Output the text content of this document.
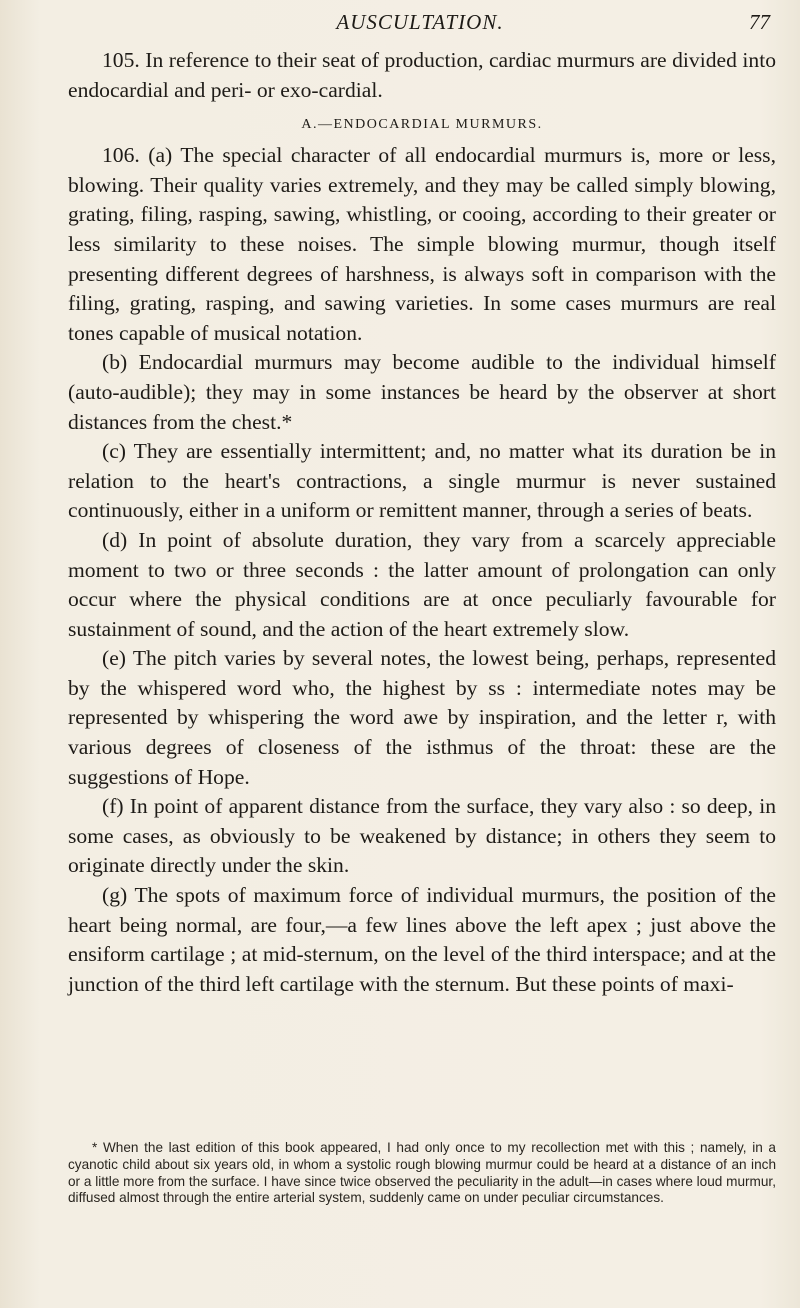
AUSCULTATION.	77

105. In reference to their seat of production, cardiac murmurs are divided into endocardial and peri- or exo-cardial.

A.—ENDOCARDIAL MURMURS.

106. (a) The special character of all endocardial murmurs is, more or less, blowing. Their quality varies extremely, and they may be called simply blowing, grating, filing, rasping, sawing, whistling, or cooing, according to their greater or less similarity to these noises. The simple blowing murmur, though itself presenting different degrees of harshness, is always soft in comparison with the filing, grating, rasping, and sawing varieties. In some cases murmurs are real tones capable of musical notation.

(b) Endocardial murmurs may become audible to the individual himself (auto-audible); they may in some instances be heard by the observer at short distances from the chest.*

(c) They are essentially intermittent; and, no matter what its duration be in relation to the heart's contractions, a single murmur is never sustained continuously, either in a uniform or remittent manner, through a series of beats.

(d) In point of absolute duration, they vary from a scarcely appreciable moment to two or three seconds : the latter amount of prolongation can only occur where the physical conditions are at once peculiarly favourable for sustainment of sound, and the action of the heart extremely slow.

(e) The pitch varies by several notes, the lowest being, perhaps, represented by the whispered word who, the highest by ss : intermediate notes may be represented by whispering the word awe by inspiration, and the letter r, with various degrees of closeness of the isthmus of the throat: these are the suggestions of Hope.

(f) In point of apparent distance from the surface, they vary also : so deep, in some cases, as obviously to be weakened by distance; in others they seem to originate directly under the skin.

(g) The spots of maximum force of individual murmurs, the position of the heart being normal, are four,—a few lines above the left apex ; just above the ensiform cartilage ; at mid-sternum, on the level of the third interspace; and at the junction of the third left cartilage with the sternum. But these points of maxi-

* When the last edition of this book appeared, I had only once to my recollection met with this ; namely, in a cyanotic child about six years old, in whom a systolic rough blowing murmur could be heard at a distance of an inch or a little more from the surface. I have since twice observed the peculiarity in the adult—in cases where loud murmur, diffused almost through the entire arterial system, suddenly came on under peculiar circumstances.
